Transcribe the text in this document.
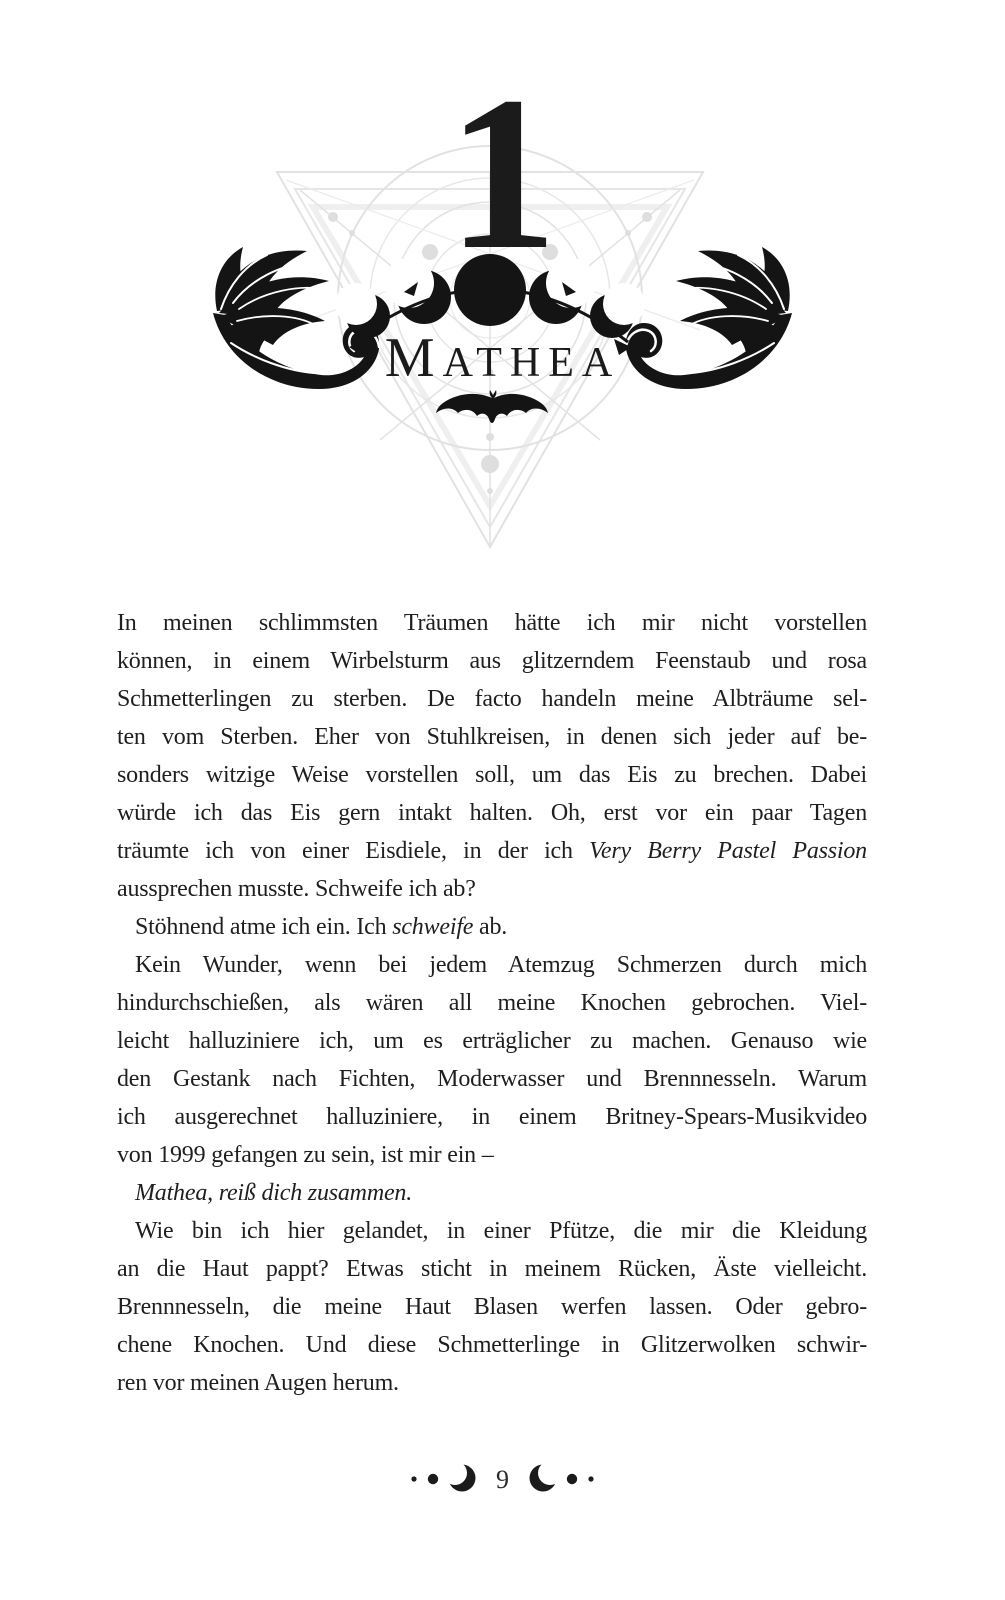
1
MATHEA
In meinen schlimmsten Träumen hätte ich mir nicht vorstellen
können, in einem Wirbelsturm aus glitzerndem Feenstaub und rosa
Schmetterlingen zu sterben. De facto handeln meine Albträume sel-
ten vom Sterben. Eher von Stuhlkreisen, in denen sich jeder auf be-
sonders witzige Weise vorstellen soll, um das Eis zu brechen. Dabei
würde ich das Eis gern intakt halten. Oh, erst vor ein paar Tagen
träumte ich von einer Eisdiele, in der ich Very Berry Pastel Passion
aussprechen musste. Schweife ich ab?
Stöhnend atme ich ein. Ich schweife ab.
Kein Wunder, wenn bei jedem Atemzug Schmerzen durch mich
hindurchschießen, als wären all meine Knochen gebrochen. Viel-
leicht halluziniere ich, um es erträglicher zu machen. Genauso wie
den Gestank nach Fichten, Moderwasser und Brennnesseln. Warum
ich ausgerechnet halluziniere, in einem Britney-Spears-Musikvideo
von 1999 gefangen zu sein, ist mir ein –
Mathea, reiß dich zusammen.
Wie bin ich hier gelandet, in einer Pfütze, die mir die Kleidung
an die Haut pappt? Etwas sticht in meinem Rücken, Äste vielleicht.
Brennnesseln, die meine Haut Blasen werfen lassen. Oder gebro-
chene Knochen. Und diese Schmetterlinge in Glitzerwolken schwir-
ren vor meinen Augen herum.
9
